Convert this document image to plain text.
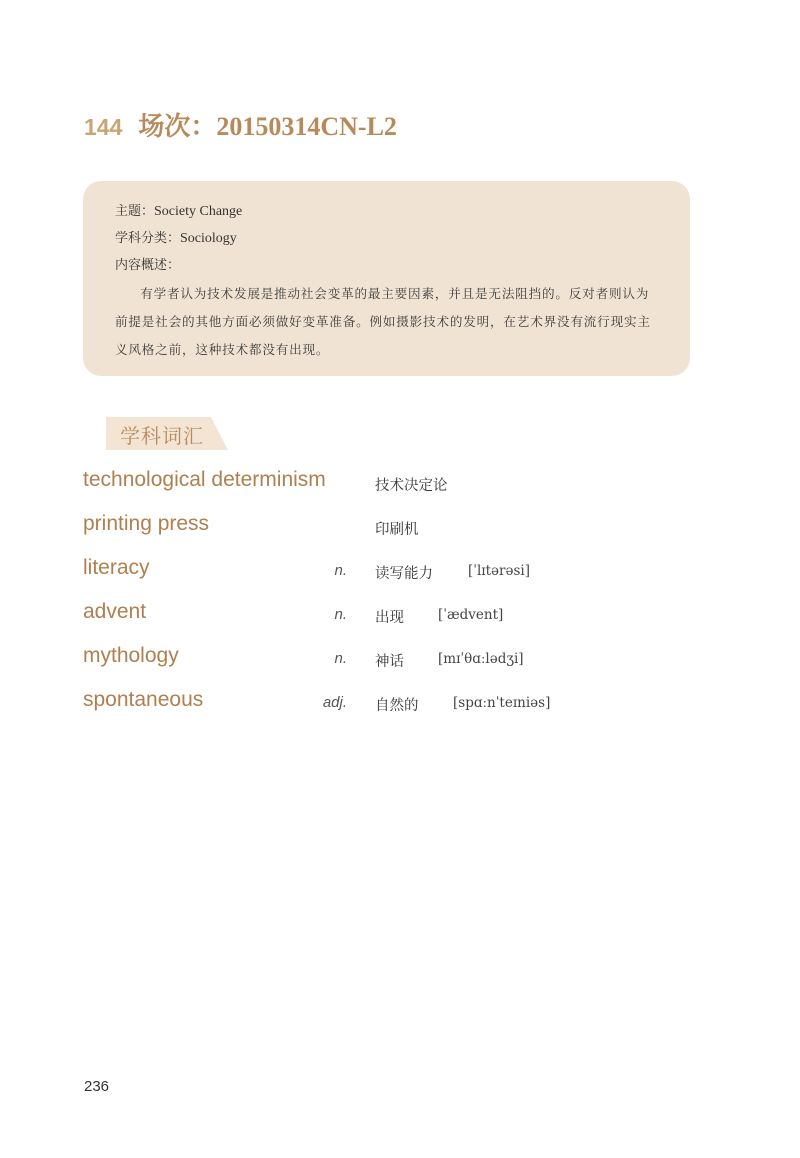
144 场次：20150314CN-L2
主题：Society Change
学科分类：Sociology
内容概述：
有学者认为技术发展是推动社会变革的最主要因素，并且是无法阻挡的。反对者则认为前提是社会的其他方面必须做好变革准备。例如摄影技术的发明，在艺术界没有流行现实主义风格之前，这种技术都没有出现。
学科词汇
technological determinism	技术决定论
printing press	印刷机
literacy	n. 读写能力	[ˈlɪtərəsi]
advent	n. 出现	[ˈædvent]
mythology	n. 神话	[mɪˈθɑːlədʒi]
spontaneous	adj. 自然的	[spɑːnˈteɪniəs]
236
